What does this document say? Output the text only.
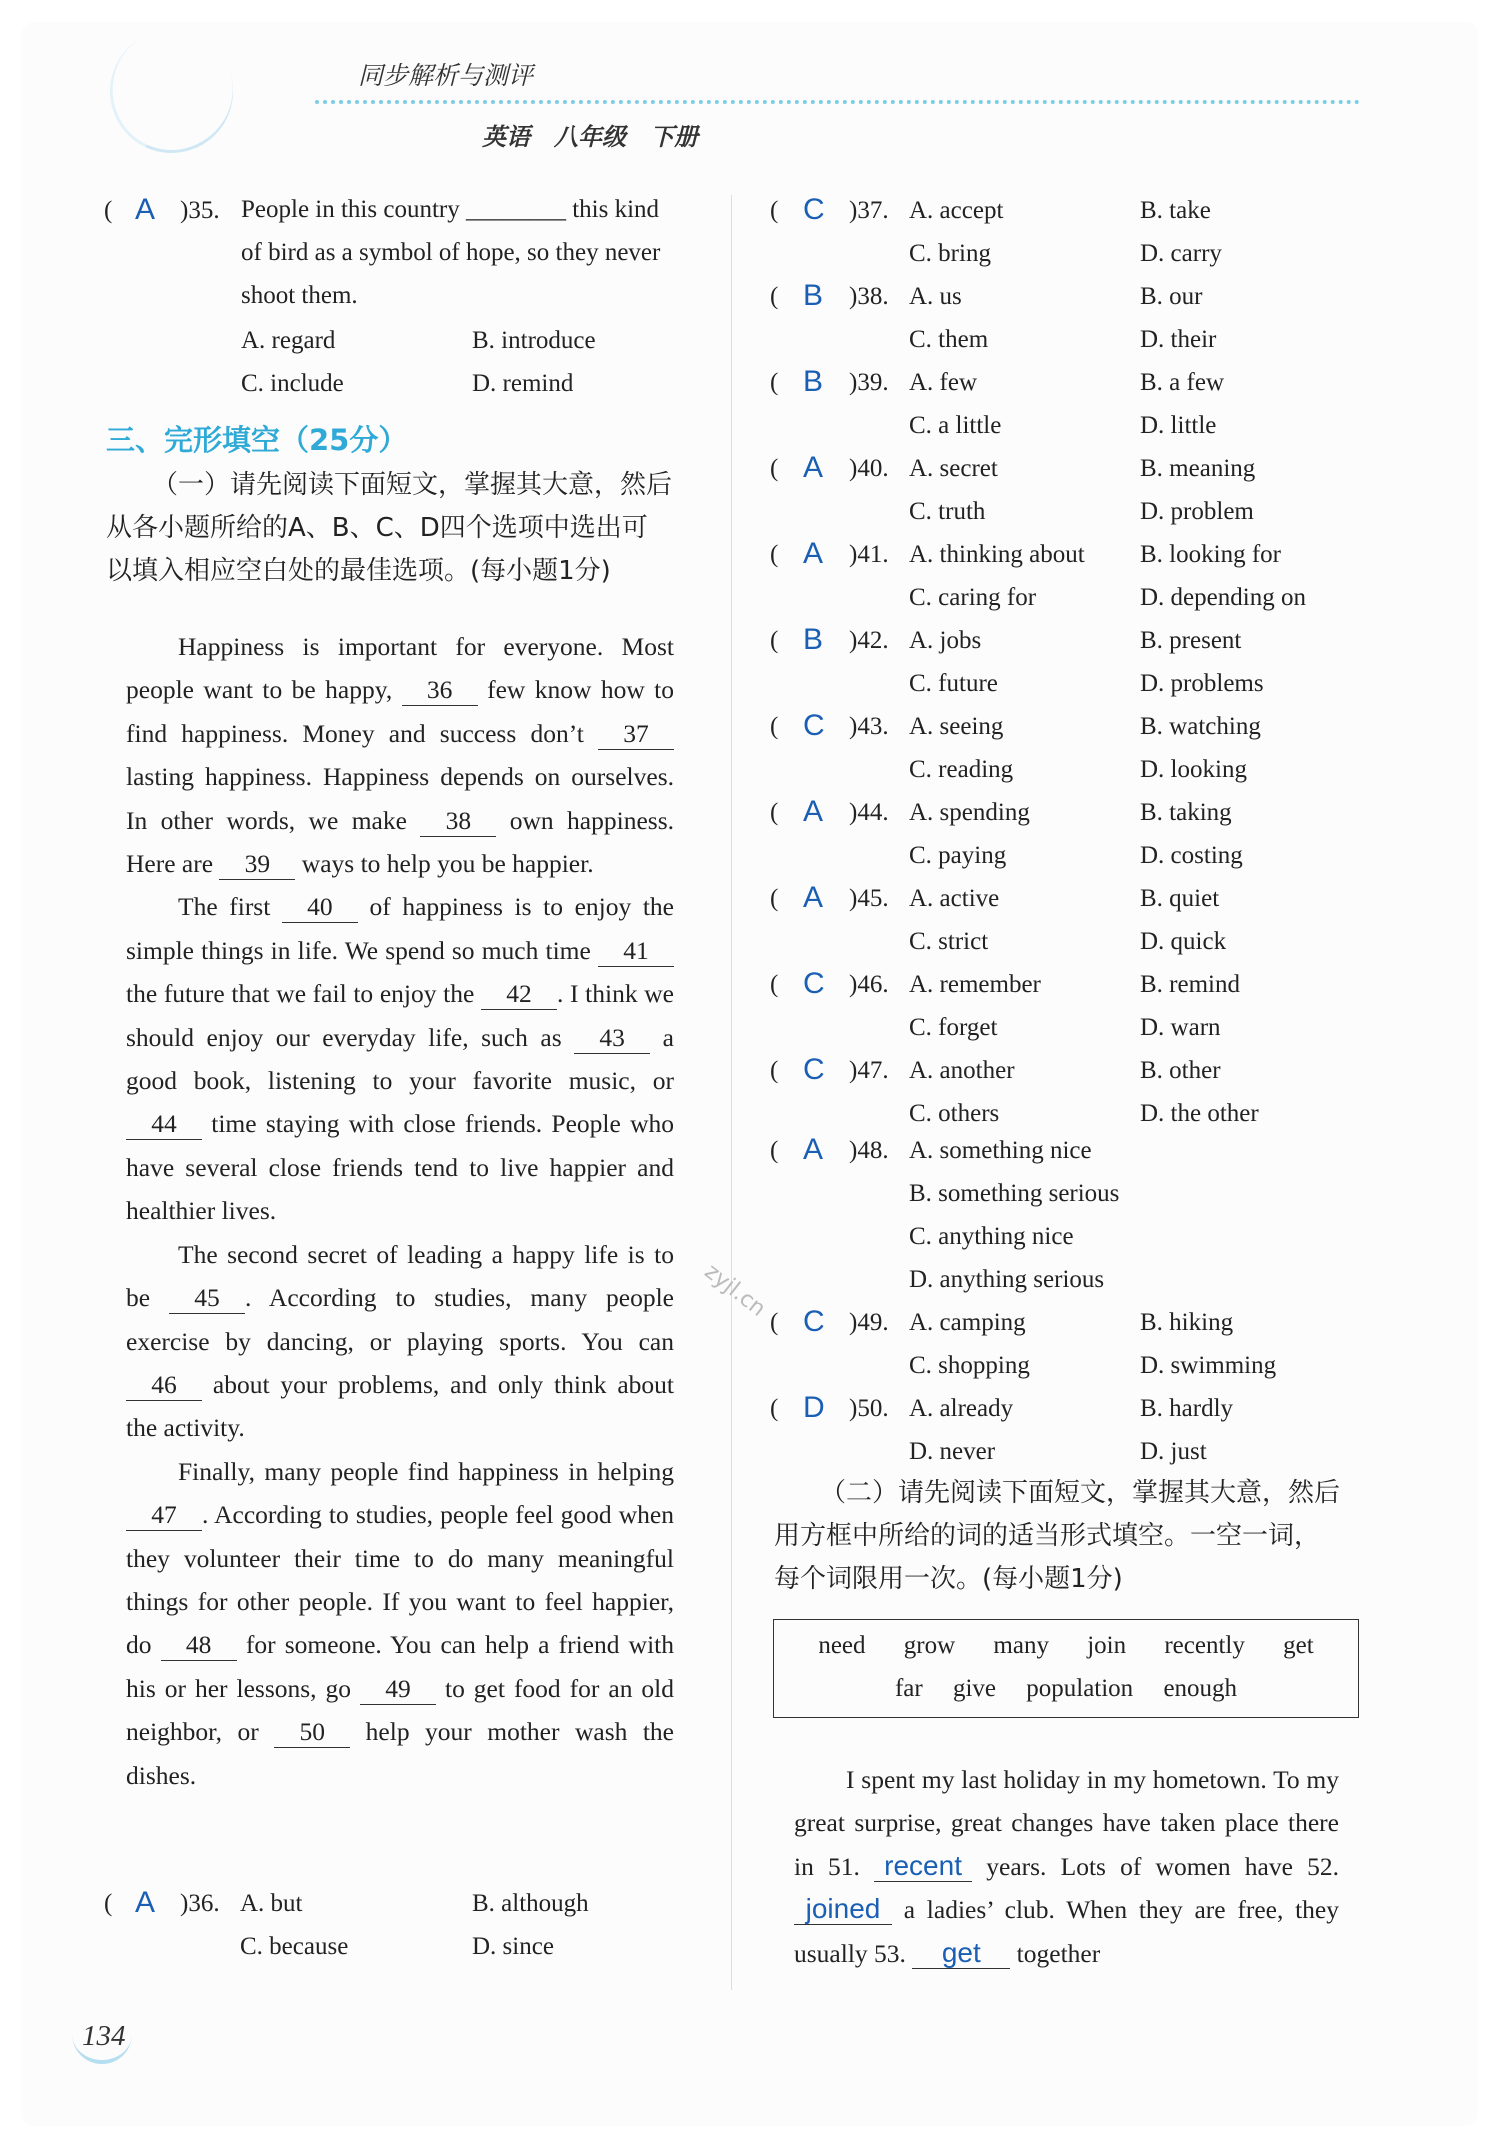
同步解析与测评
英语　八年级　下册
( A )35. People in this country ________ this kind
of bird as a symbol of hope, so they never
shoot them.
A. regard	B. introduce
C. include	D. remind
三、完形填空（25分）
（一）请先阅读下面短文，掌握其大意，然后
从各小题所给的A、B、C、D四个选项中选出可
以填入相应空白处的最佳选项。(每小题1分)

Happiness is important for everyone. Most people want to be happy, 36 few know how to find happiness. Money and success don’t 37 lasting happiness. Happiness depends on ourselves. In other words, we make 38 own happiness. Here are 39 ways to help you be happier.

The first 40 of happiness is to enjoy the simple things in life. We spend so much time 41 the future that we fail to enjoy the 42 . I think we should enjoy our everyday life, such as 43 a good book, listening to your favorite music, or 44 time staying with close friends. People who have several close friends tend to live happier and healthier lives.

The second secret of leading a happy life is to be 45 . According to studies, many people exercise by dancing, or playing sports. You can 46 about your problems, and only think about the activity.

Finally, many people find happiness in helping 47 . According to studies, people feel good when they volunteer their time to do many meaningful things for other people. If you want to feel happier, do 48 for someone. You can help a friend with his or her lessons, go 49 to get food for an old neighbor, or 50 help your mother wash the dishes.

( A )36. A. but	B. although
C. because	D. since
( C )37. A. accept	B. take
C. bring	D. carry
( B )38. A. us	B. our
C. them	D. their
( B )39. A. few	B. a few
C. a little	D. little
( A )40. A. secret	B. meaning
C. truth	D. problem
( A )41. A. thinking about B. looking for
C. caring for	D. depending on
( B )42. A. jobs	B. present
C. future	D. problems
( C )43. A. seeing	B. watching
C. reading	D. looking
( A )44. A. spending	B. taking
C. paying	D. costing
( A )45. A. active	B. quiet
C. strict	D. quick
( C )46. A. remember	B. remind
C. forget	D. warn
( C )47. A. another	B. other
C. others	D. the other
( A )48. A. something nice
B. something serious
C. anything nice
D. anything serious
( C )49. A. camping	B. hiking
C. shopping	D. swimming
( D )50. A. already	B. hardly
D. never	D. just
（二）请先阅读下面短文，掌握其大意，然后
用方框中所给的词的适当形式填空。一空一词，
每个词限用一次。(每小题1分)
need grow many join recently get
far give population enough

I spent my last holiday in my hometown. To my great surprise, great changes have taken place there in 51. recent years. Lots of women have 52. joined a ladies’ club. When they are free, they usually 53. get together

zyjl.cn
134
